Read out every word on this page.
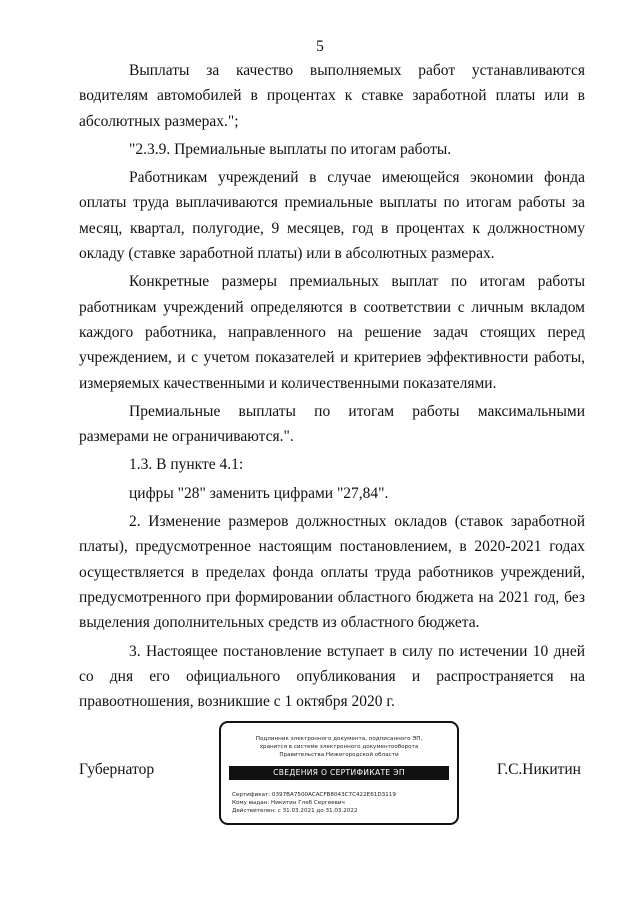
5

Выплаты за качество выполняемых работ устанавливаются водителям автомобилей в процентах к ставке заработной платы или в абсолютных размерах.";

"2.3.9. Премиальные выплаты по итогам работы.

Работникам учреждений в случае имеющейся экономии фонда оплаты труда выплачиваются премиальные выплаты по итогам работы за месяц, квартал, полугодие, 9 месяцев, год в процентах к должностному окладу (ставке заработной платы) или в абсолютных размерах.

Конкретные размеры премиальных выплат по итогам работы работникам учреждений определяются в соответствии с личным вкладом каждого работника, направленного на решение задач стоящих перед учреждением, и с учетом показателей и критериев эффективности работы, измеряемых качественными и количественными показателями.

Премиальные выплаты по итогам работы максимальными размерами не ограничиваются.".

1.3. В пункте 4.1:

цифры "28" заменить цифрами "27,84".

2. Изменение размеров должностных окладов (ставок заработной платы), предусмотренное настоящим постановлением, в 2020-2021 годах осуществляется в пределах фонда оплаты труда работников учреждений, предусмотренного при формировании областного бюджета на 2021 год, без выделения дополнительных средств из областного бюджета.

3. Настоящее постановление вступает в силу по истечении 10 дней со дня его официального опубликования и распространяется на правоотношения, возникшие с 1 октября 2020 г.

Губернатор	Г.С.Никитин
Подлинник электронного документа, подписанного ЭП,
хранится в системе электронного документооборота
Правительства Нижегородской области
СВЕДЕНИЯ О СЕРТИФИКАТЕ ЭП
Сертификат: 0397BA7500ACACFB8043C7C422E61D3119
Кому выдан: Никитин Глеб Сергеевич
Действителен: с 31.03.2021 до 31.03.2022
